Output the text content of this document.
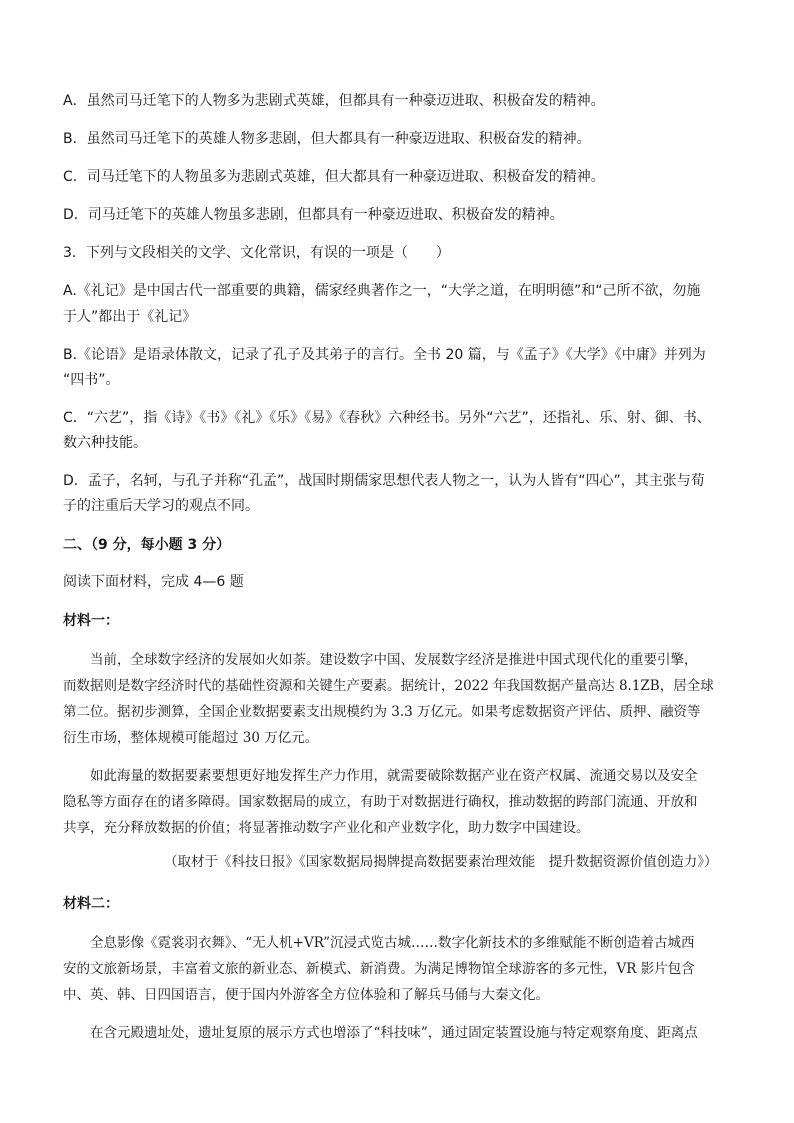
A．虽然司马迁笔下的人物多为悲剧式英雄，但都具有一种豪迈进取、积极奋发的精神。
B．虽然司马迁笔下的英雄人物多悲剧，但大都具有一种豪迈进取、积极奋发的精神。
C．司马迁笔下的人物虽多为悲剧式英雄，但大都具有一种豪迈进取、积极奋发的精神。
D．司马迁笔下的英雄人物虽多悲剧，但都具有一种豪迈进取、积极奋发的精神。
3．下列与文段相关的文学、文化常识，有误的一项是（　　）
A.《礼记》是中国古代一部重要的典籍，儒家经典著作之一，“大学之道，在明明德”和“己所不欲，勿施
于人”都出于《礼记》
B.《论语》是语录体散文，记录了孔子及其弟子的言行。全书 20 篇，与《孟子》《大学》《中庸》并列为
“四书”。
C．“六艺”，指《诗》《书》《礼》《乐》《易》《春秋》六种经书。另外“六艺”，还指礼、乐、射、御、书、
数六种技能。
D．孟子，名轲，与孔子并称“孔孟”，战国时期儒家思想代表人物之一，认为人皆有“四心”，其主张与荀
子的注重后天学习的观点不同。
二、（9 分，每小题 3 分）
阅读下面材料，完成 4—6 题
材料一：
当前，全球数字经济的发展如火如荼。建设数字中国、发展数字经济是推进中国式现代化的重要引擎，
而数据则是数字经济时代的基础性资源和关键生产要素。据统计，2022 年我国数据产量高达 8.1ZB，居全球
第二位。据初步测算，全国企业数据要素支出规模约为 3.3 万亿元。如果考虑数据资产评估、质押、融资等
衍生市场，整体规模可能超过 30 万亿元。
如此海量的数据要素要想更好地发挥生产力作用，就需要破除数据产业在资产权属、流通交易以及安全
隐私等方面存在的诸多障碍。国家数据局的成立，有助于对数据进行确权，推动数据的跨部门流通、开放和
共享，充分释放数据的价值；将显著推动数字产业化和产业数字化，助力数字中国建设。
（取材于《科技日报》《国家数据局揭牌提高数据要素治理效能　提升数据资源价值创造力》）
材料二：
全息影像《霓裳羽衣舞》、“无人机+VR”沉浸式览古城……数字化新技术的多维赋能不断创造着古城西
安的文旅新场景，丰富着文旅的新业态、新模式、新消费。为满足博物馆全球游客的多元性，VR 影片包含
中、英、韩、日四国语言，便于国内外游客全方位体验和了解兵马俑与大秦文化。
在含元殿遗址处，遗址复原的展示方式也增添了“科技味”，通过固定装置设施与特定观察角度、距离点
